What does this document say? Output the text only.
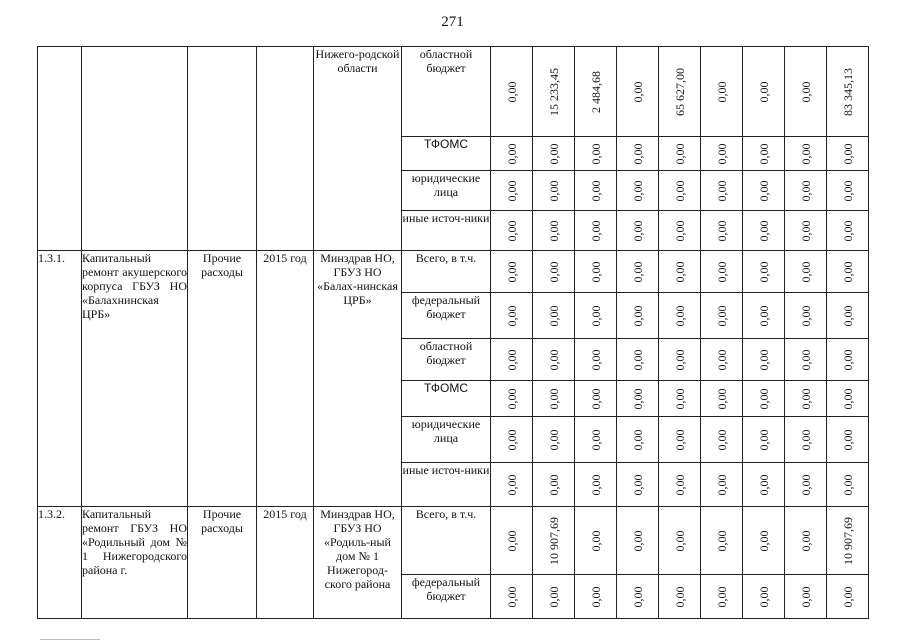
271
				Нижего-родской области	областной бюджет	0,00	15 233,45	2 484,68	0,00	65 627,00	0,00	0,00	0,00	83 345,13

					ТФОМС	0,00	0,00	0,00	0,00	0,00	0,00	0,00	0,00	0,00

					юридические лица	0,00	0,00	0,00	0,00	0,00	0,00	0,00	0,00	0,00

					иные источ-ники	0,00	0,00	0,00	0,00	0,00	0,00	0,00	0,00	0,00

1.3.1.	Капитальный ремонт акушерского корпуса ГБУЗ НО «Балахнинская ЦРБ»	Прочие расходы	2015 год	Минздрав НО, ГБУЗ НО «Балах-нинская ЦРБ»	Всего, в т.ч.	0,00	0,00	0,00	0,00	0,00	0,00	0,00	0,00	0,00

					федеральный бюджет	0,00	0,00	0,00	0,00	0,00	0,00	0,00	0,00	0,00

					областной бюджет	0,00	0,00	0,00	0,00	0,00	0,00	0,00	0,00	0,00

					ТФОМС	0,00	0,00	0,00	0,00	0,00	0,00	0,00	0,00	0,00

					юридические лица	0,00	0,00	0,00	0,00	0,00	0,00	0,00	0,00	0,00

					иные источ-ники	0,00	0,00	0,00	0,00	0,00	0,00	0,00	0,00	0,00

1.3.2.	Капитальный ремонт ГБУЗ НО «Родильный дом № 1 Нижегородского района г.	Прочие расходы	2015 год	Минздрав НО, ГБУЗ НО «Родиль-ный дом № 1 Нижегород-ского района	Всего, в т.ч.	0,00	10 907,69	0,00	0,00	0,00	0,00	0,00	0,00	10 907,69

					федеральный бюджет	0,00	0,00	0,00	0,00	0,00	0,00	0,00	0,00	0,00
